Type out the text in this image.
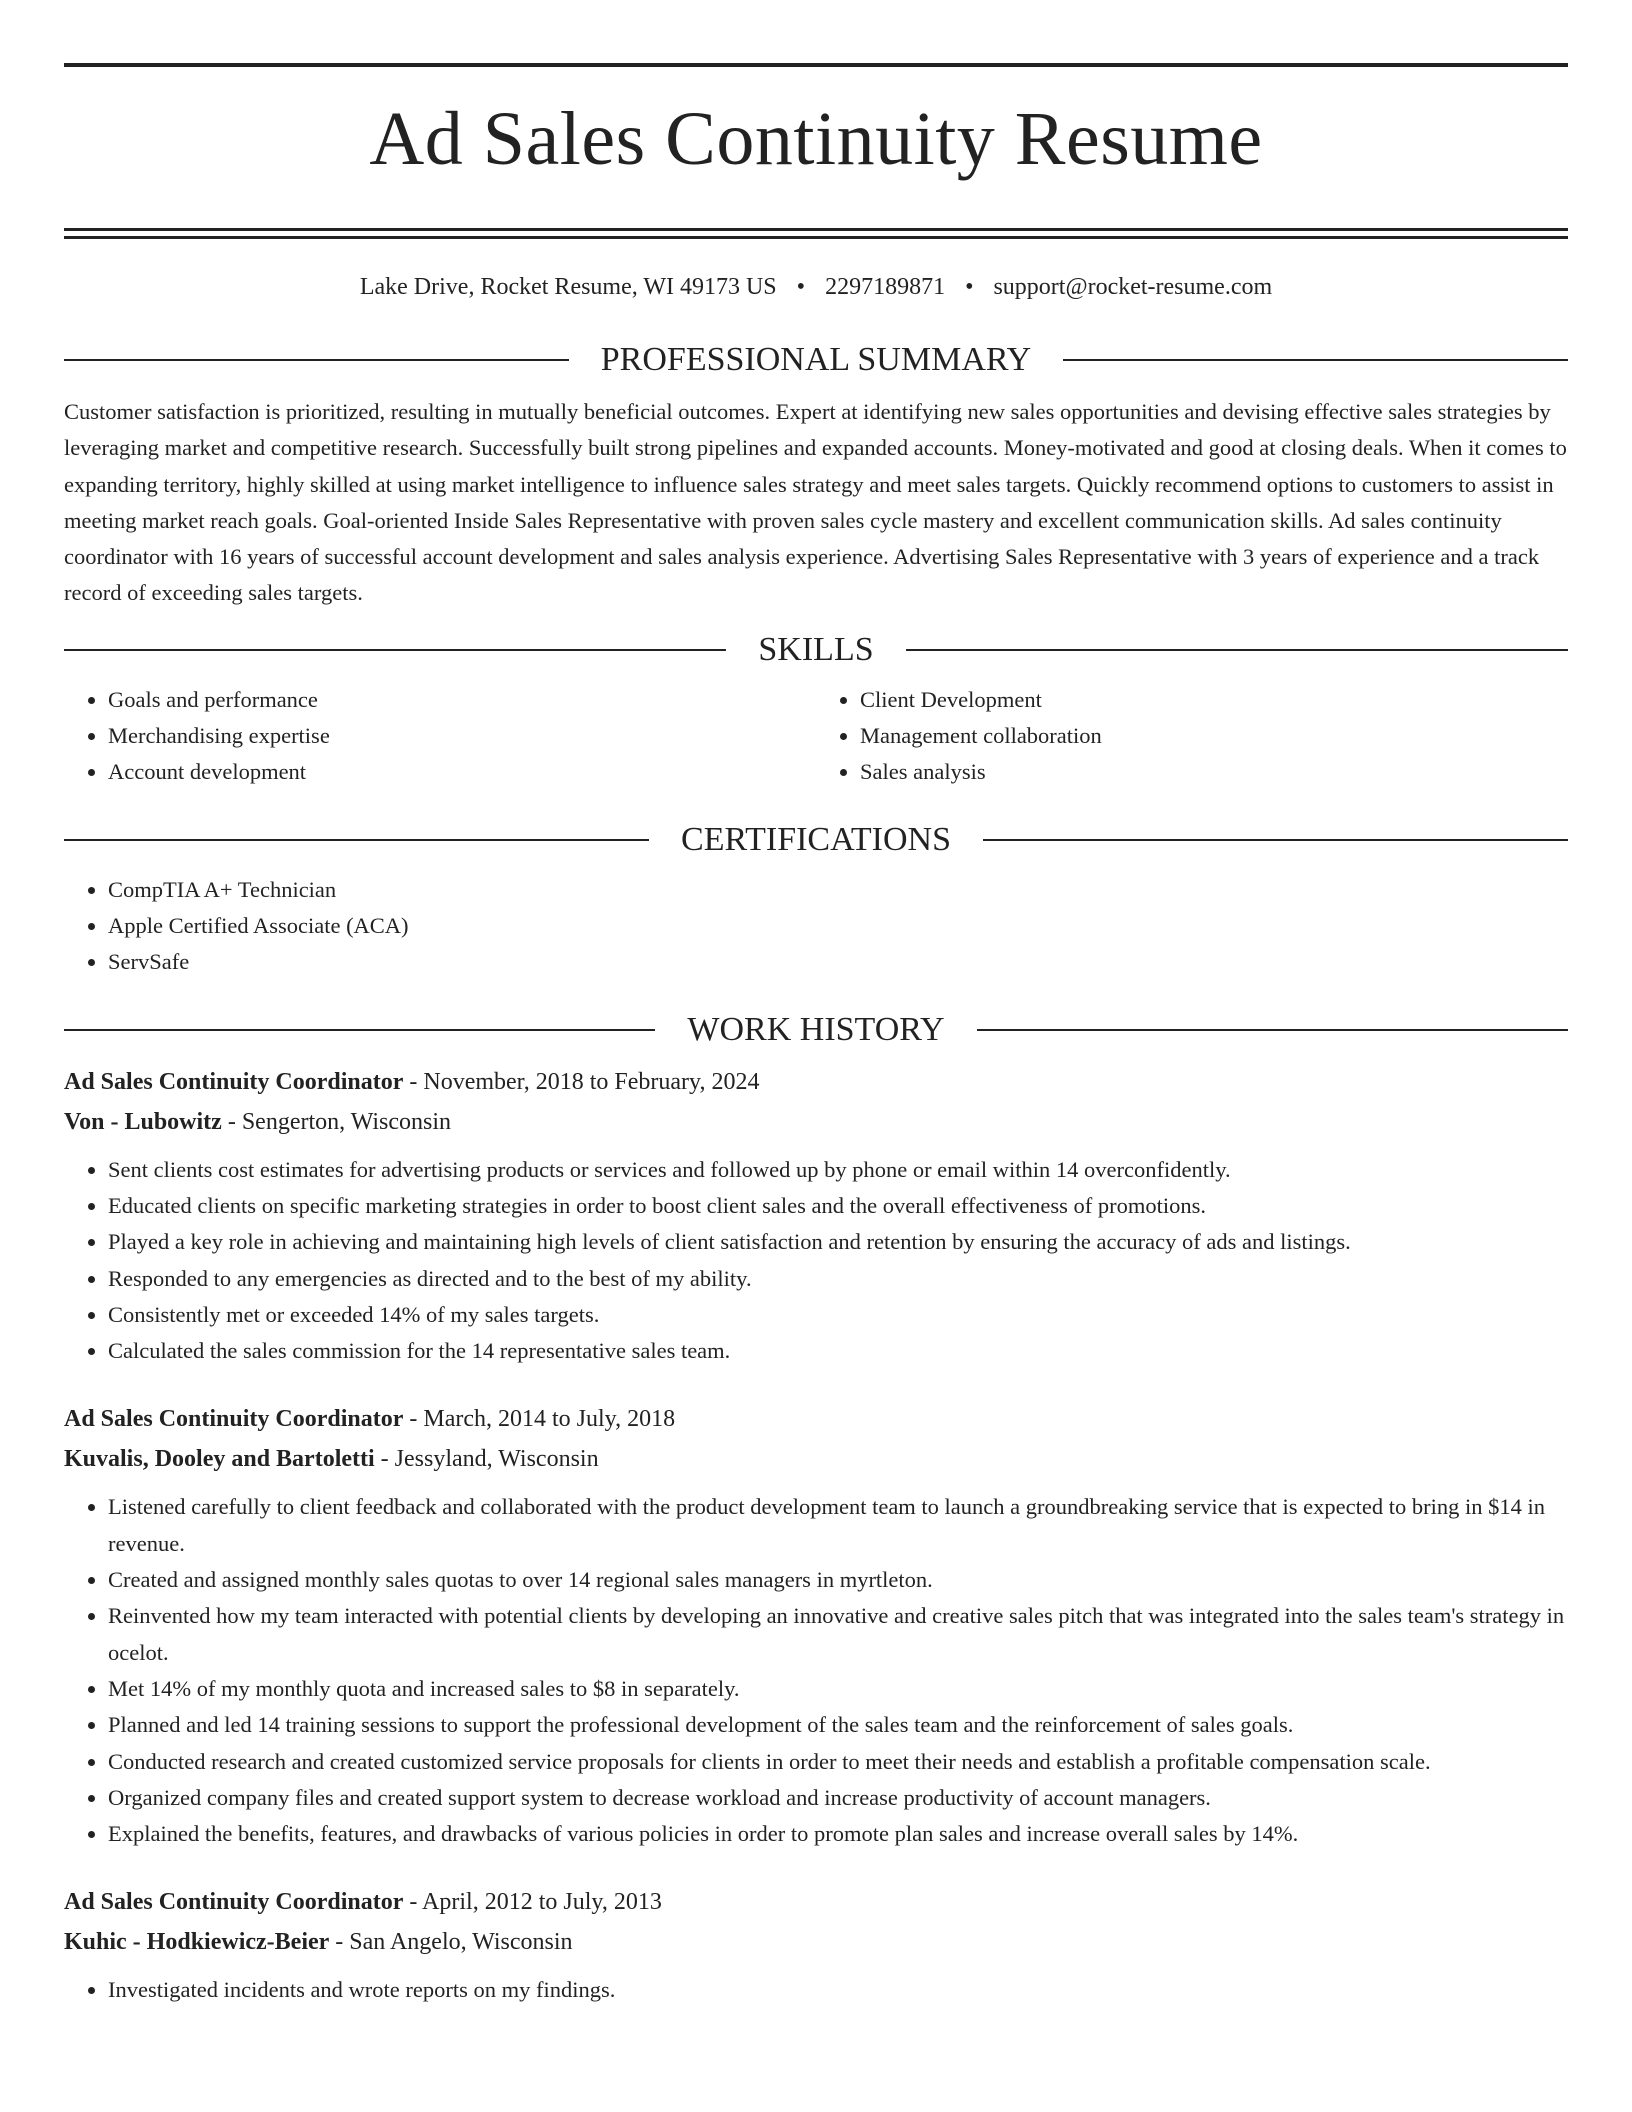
Ad Sales Continuity Resume
Lake Drive, Rocket Resume, WI 49173 US • 2297189871 • support@rocket-resume.com
PROFESSIONAL SUMMARY

Customer satisfaction is prioritized, resulting in mutually beneficial outcomes. Expert at identifying new sales opportunities and devising effective sales strategies by leveraging market and competitive research. Successfully built strong pipelines and expanded accounts. Money-motivated and good at closing deals. When it comes to expanding territory, highly skilled at using market intelligence to influence sales strategy and meet sales targets. Quickly recommend options to customers to assist in meeting market reach goals. Goal-oriented Inside Sales Representative with proven sales cycle mastery and excellent communication skills. Ad sales continuity coordinator with 16 years of successful account development and sales analysis experience. Advertising Sales Representative with 3 years of experience and a track record of exceeding sales targets.

SKILLS
• Goals and performance
• Merchandising expertise
• Account development
• Client Development
• Management collaboration
• Sales analysis
CERTIFICATIONS
• CompTIA A+ Technician
• Apple Certified Associate (ACA)
• ServSafe
WORK HISTORY
Ad Sales Continuity Coordinator - November, 2018 to February, 2024
Von - Lubowitz - Sengerton, Wisconsin
• Sent clients cost estimates for advertising products or services and followed up by phone or email within 14 overconfidently.
• Educated clients on specific marketing strategies in order to boost client sales and the overall effectiveness of promotions.
• Played a key role in achieving and maintaining high levels of client satisfaction and retention by ensuring the accuracy of ads and listings.
• Responded to any emergencies as directed and to the best of my ability.
• Consistently met or exceeded 14% of my sales targets.
• Calculated the sales commission for the 14 representative sales team.
Ad Sales Continuity Coordinator - March, 2014 to July, 2018
Kuvalis, Dooley and Bartoletti - Jessyland, Wisconsin
• Listened carefully to client feedback and collaborated with the product development team to launch a groundbreaking service that is expected to bring in $14 in revenue.
• Created and assigned monthly sales quotas to over 14 regional sales managers in myrtleton.
• Reinvented how my team interacted with potential clients by developing an innovative and creative sales pitch that was integrated into the sales team's strategy in ocelot.
• Met 14% of my monthly quota and increased sales to $8 in separately.
• Planned and led 14 training sessions to support the professional development of the sales team and the reinforcement of sales goals.
• Conducted research and created customized service proposals for clients in order to meet their needs and establish a profitable compensation scale.
• Organized company files and created support system to decrease workload and increase productivity of account managers.
• Explained the benefits, features, and drawbacks of various policies in order to promote plan sales and increase overall sales by 14%.
Ad Sales Continuity Coordinator - April, 2012 to July, 2013
Kuhic - Hodkiewicz-Beier - San Angelo, Wisconsin
• Investigated incidents and wrote reports on my findings.
